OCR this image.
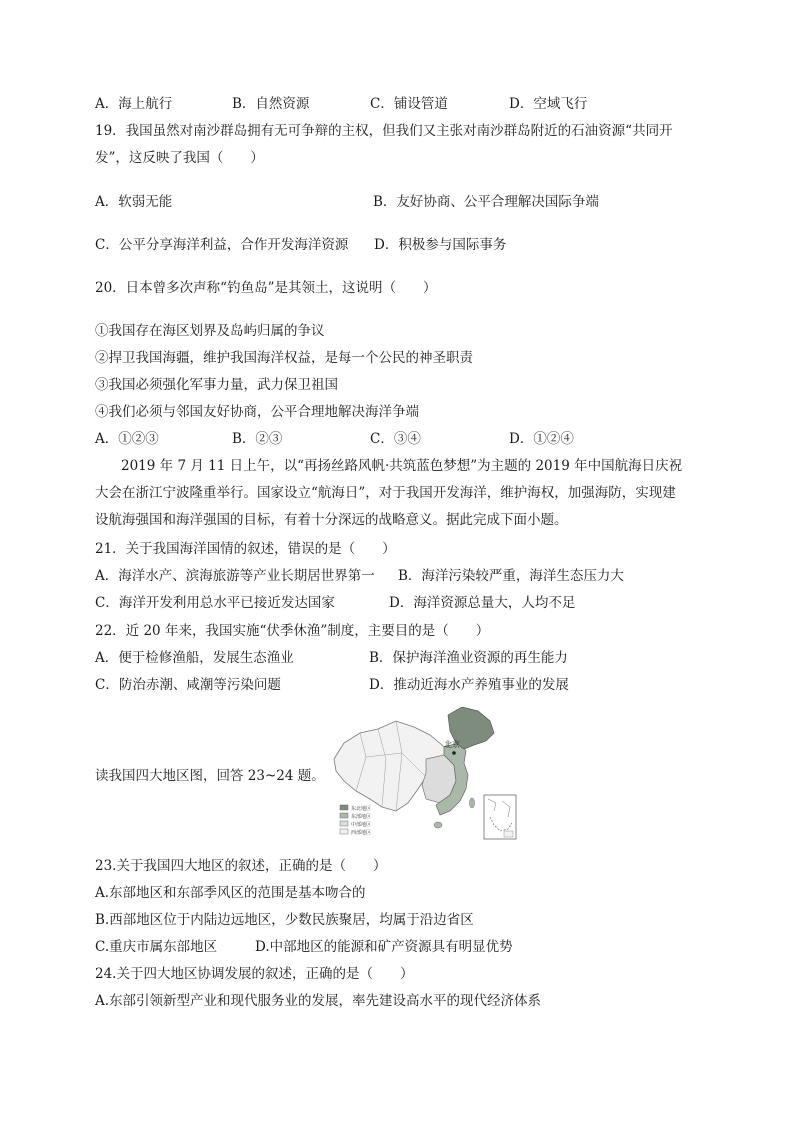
A．海上航行	B．自然资源	C．铺设管道	D．空域飞行
19．我国虽然对南沙群岛拥有无可争辩的主权，但我们又主张对南沙群岛附近的石油资源“共同开
发”，这反映了我国（　　）
A．软弱无能	B．友好协商、公平合理解决国际争端
C．公平分享海洋利益，合作开发海洋资源 D．积极参与国际事务
20．日本曾多次声称“钓鱼岛”是其领土，这说明（　　）
①我国存在海区划界及岛屿归属的争议
②捍卫我国海疆，维护我国海洋权益，是每一个公民的神圣职责
③我国必须强化军事力量，武力保卫祖国
④我们必须与邻国友好协商，公平合理地解决海洋争端
A．①②③	B．②③	C．③④	D．①②④
2019 年 7 月 11 日上午，以“再扬丝路风帆·共筑蓝色梦想”为主题的 2019 年中国航海日庆祝
大会在浙江宁波隆重举行。国家设立“航海日”，对于我国开发海洋，维护海权，加强海防，实现建
设航海强国和海洋强国的目标，有着十分深远的战略意义。据此完成下面小题。
21．关于我国海洋国情的叙述，错误的是（　　）
A．海洋水产、滨海旅游等产业长期居世界第一 B．海洋污染较严重，海洋生态压力大
C．海洋开发利用总水平已接近发达国家	D．海洋资源总量大，人均不足
22．近 20 年来，我国实施“伏季休渔”制度，主要目的是（　　）
A．便于检修渔船，发展生态渔业	B．保护海洋渔业资源的再生能力
C．防治赤潮、咸潮等污染问题	D．推动近海水产养殖事业的发展
读我国四大地区图，回答 23~24 题。
北京
东北地区
东部地区
中部地区
西部地区
23.关于我国四大地区的叙述，正确的是（　　）
A.东部地区和东部季风区的范围是基本吻合的
B.西部地区位于内陆边远地区，少数民族聚居，均属于沿边省区
C.重庆市属东部地区	D.中部地区的能源和矿产资源具有明显优势
24.关于四大地区协调发展的叙述，正确的是（　　）
A.东部引领新型产业和现代服务业的发展，率先建设高水平的现代经济体系
